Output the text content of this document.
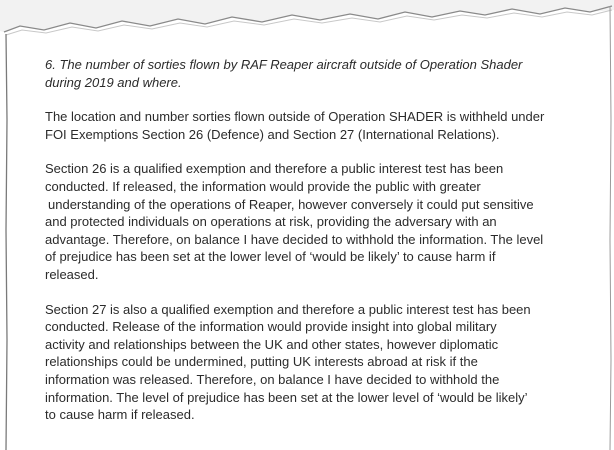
6. The number of sorties flown by RAF Reaper aircraft outside of Operation Shader
during 2019 and where.

The location and number sorties flown outside of Operation SHADER is withheld under
FOI Exemptions Section 26 (Defence) and Section 27 (International Relations).

Section 26 is a qualified exemption and therefore a public interest test has been
conducted. If released, the information would provide the public with greater
understanding of the operations of Reaper, however conversely it could put sensitive
and protected individuals on operations at risk, providing the adversary with an
advantage. Therefore, on balance I have decided to withhold the information. The level
of prejudice has been set at the lower level of ‘would be likely’ to cause harm if
released.

Section 27 is also a qualified exemption and therefore a public interest test has been
conducted. Release of the information would provide insight into global military
activity and relationships between the UK and other states, however diplomatic
relationships could be undermined, putting UK interests abroad at risk if the
information was released. Therefore, on balance I have decided to withhold the
information. The level of prejudice has been set at the lower level of ‘would be likely’
to cause harm if released.
